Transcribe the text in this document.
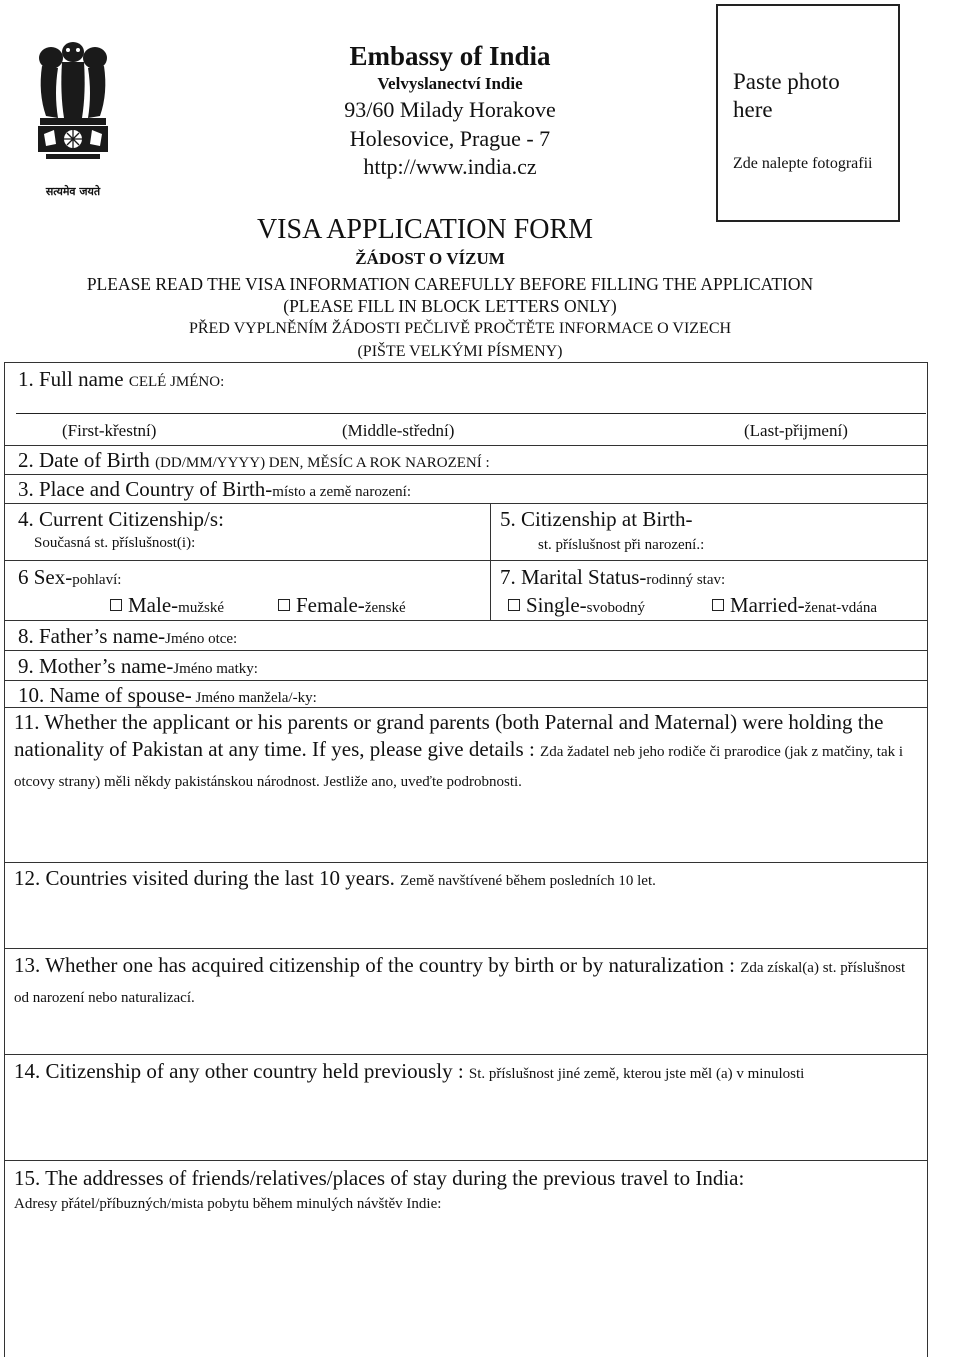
सत्यमेव जयते
Embassy of India
Velvyslanectví Indie
93/60 Milady Horakove
Holesovice, Prague - 7
http://www.india.cz
Paste photo here
Zde nalepte fotografii
VISA APPLICATION FORM
ŽÁDOST O VÍZUM
PLEASE READ THE VISA INFORMATION CAREFULLY BEFORE FILLING THE APPLICATION
(PLEASE FILL IN BLOCK LETTERS ONLY)
PŘED VYPLNĚNÍM ŽÁDOSTI PEČLIVĚ PROČTĚTE INFORMACE O VIZECH
(PIŠTE VELKÝMI PÍSMENY)
1. Full name CELÉ JMÉNO:
(First-křestní)	(Middle-střední)	(Last-přijmení)
2. Date of Birth (DD/MM/YYYY) DEN, MĚSÍC A ROK NAROZENÍ :
3. Place and Country of Birth-místo a země narození:
4. Current Citizenship/s:
Současná st. příslušnost(i):
5. Citizenship at Birth-
st. příslušnost při narození.:
6 Sex-pohlaví:
Male-mužské	Female-ženské
7. Marital Status-rodinný stav:
Single-svobodný	Married-ženat-vdána
8. Father’s name-Jméno otce:
9. Mother’s name-Jméno matky:
10. Name of spouse- Jméno manžela/-ky:
11. Whether the applicant or his parents or grand parents (both Paternal and Maternal) were holding the nationality of Pakistan at any time. If yes, please give details : Zda žadatel neb jeho rodiče či prarodice (jak z matčiny, tak i otcovy strany) měli někdy pakistánskou národnost. Jestliže ano, uveďte podrobnosti.
12. Countries visited during the last 10 years. Země navštívené během posledních 10 let.
13. Whether one has acquired citizenship of the country by birth or by naturalization : Zda získal(a) st. příslušnost od narození nebo naturalizací.
14. Citizenship of any other country held previously : St. příslušnost jiné země, kterou jste měl (a) v minulosti
15. The addresses of friends/relatives/places of stay during the previous travel to India:
Adresy přátel/příbuzných/mista pobytu během minulých návštěv Indie:
